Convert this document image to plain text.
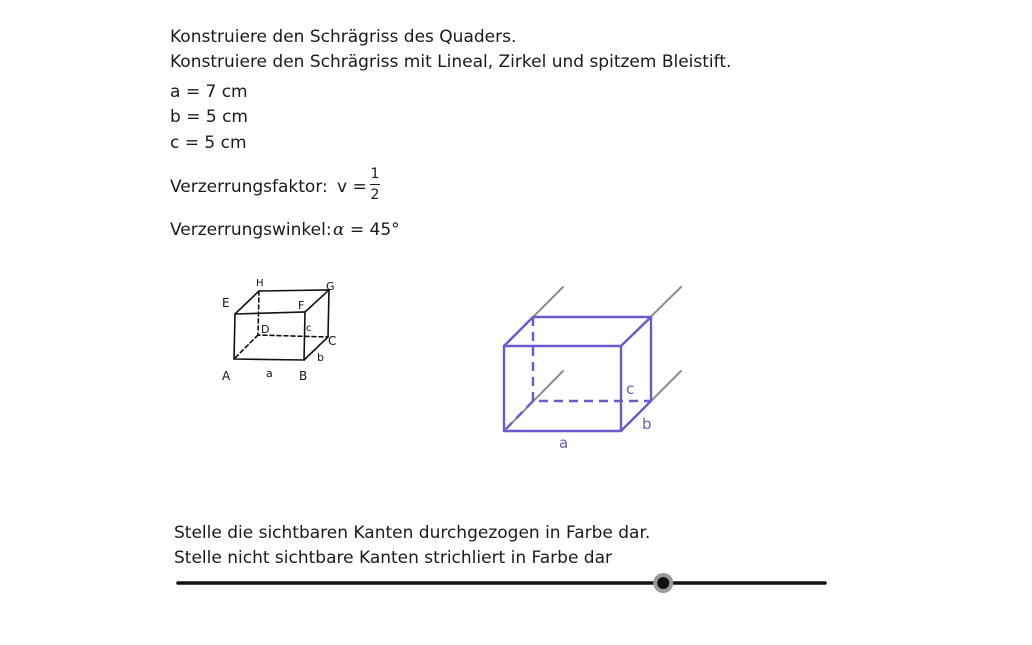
Konstruiere den Schrägriss des Quaders.
Konstruiere den Schrägriss mit Lineal, Zirkel und spitzem Bleistift.
a = 7 cm
b = 5 cm
c = 5 cm
Verzerrungsfaktor: v =
1
2
Verzerrungswinkel: α = 45°
E
H	G
F
D	c
C
b
A	a B
c
b
a
Stelle die sichtbaren Kanten durchgezogen in Farbe dar.
Stelle nicht sichtbare Kanten strichliert in Farbe dar
